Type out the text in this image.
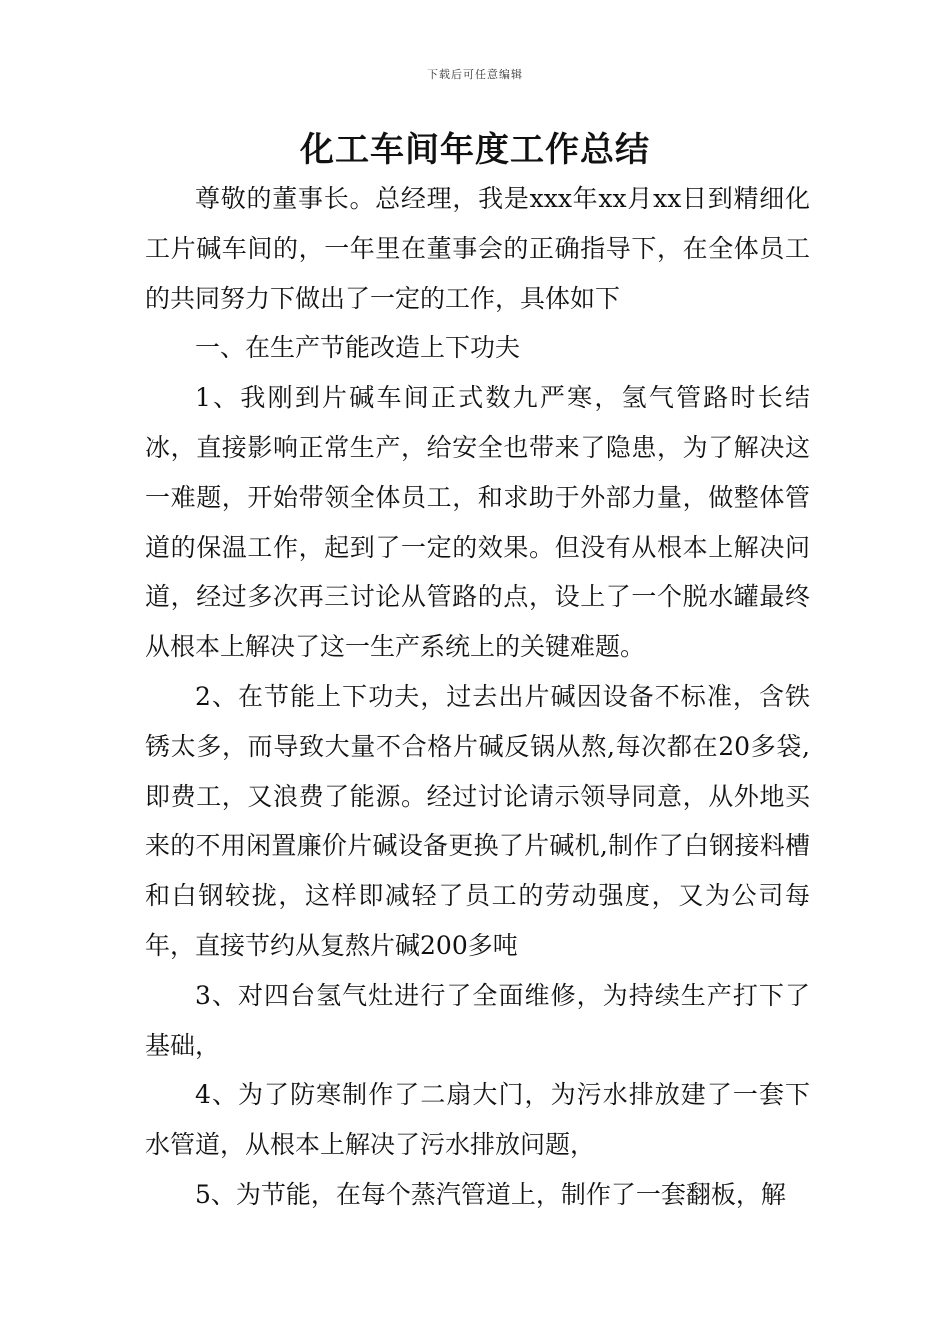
下载后可任意编辑
化工车间年度工作总结

尊敬的董事长。总经理，我是xxx年xx月xx日到精细化工片碱车间的，一年里在董事会的正确指导下，在全体员工的共同努力下做出了一定的工作，具体如下

一、在生产节能改造上下功夫

1、我刚到片碱车间正式数九严寒，氢气管路时长结冰，直接影响正常生产，给安全也带来了隐患，为了解决这一难题，开始带领全体员工，和求助于外部力量，做整体管道的保温工作，起到了一定的效果。但没有从根本上解决问道，经过多次再三讨论从管路的点，设上了一个脱水罐最终从根本上解决了这一生产系统上的关键难题。

2、在节能上下功夫，过去出片碱因设备不标准，含铁锈太多，而导致大量不合格片碱反锅从熬,每次都在20多袋,即费工，又浪费了能源。经过讨论请示领导同意，从外地买来的不用闲置廉价片碱设备更换了片碱机,制作了白钢接料槽和白钢较拢，这样即减轻了员工的劳动强度，又为公司每年，直接节约从复熬片碱200多吨

3、对四台氢气灶进行了全面维修，为持续生产打下了基础，

4、为了防寒制作了二扇大门，为污水排放建了一套下水管道，从根本上解决了污水排放问题，

5、为节能，在每个蒸汽管道上，制作了一套翻板，解
